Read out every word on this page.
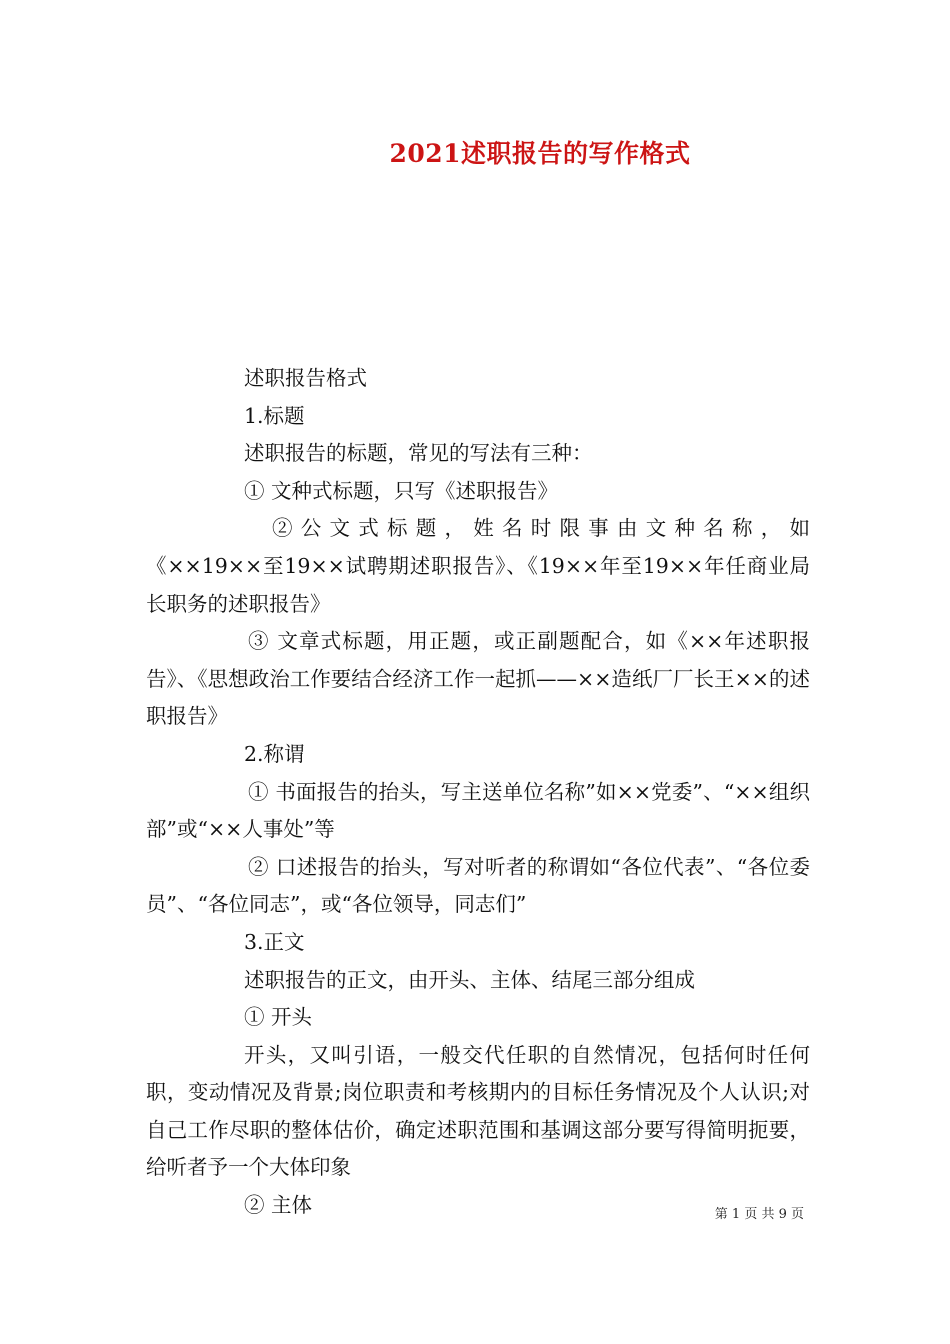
2021述职报告的写作格式

述职报告格式

1.标题

述职报告的标题，常见的写法有三种：

① 文种式标题，只写《述职报告》

② 公 文 式 标 题 ， 姓 名 时 限 事 由 文 种 名 称 ， 如《××19××至19××试聘期述职报告》、《19××年至19××年任商业局长职务的述职报告》

③ 文章式标题，用正题，或正副题配合，如《××年述职报告》、《思想政治工作要结合经济工作一起抓——××造纸厂厂长王××的述职报告》

2.称谓

① 书面报告的抬头，写主送单位名称”如××党委”、“××组织部”或“××人事处”等

② 口述报告的抬头，写对听者的称谓如“各位代表”、“各位委员”、“各位同志”，或“各位领导，同志们”

3.正文

述职报告的正文，由开头、主体、结尾三部分组成

① 开头

开头，又叫引语，一般交代任职的自然情况，包括何时任何职，变动情况及背景;岗位职责和考核期内的目标任务情况及个人认识;对自己工作尽职的整体估价，确定述职范围和基调这部分要写得简明扼要，给听者予一个大体印象

② 主体	第 1 页 共 9 页
